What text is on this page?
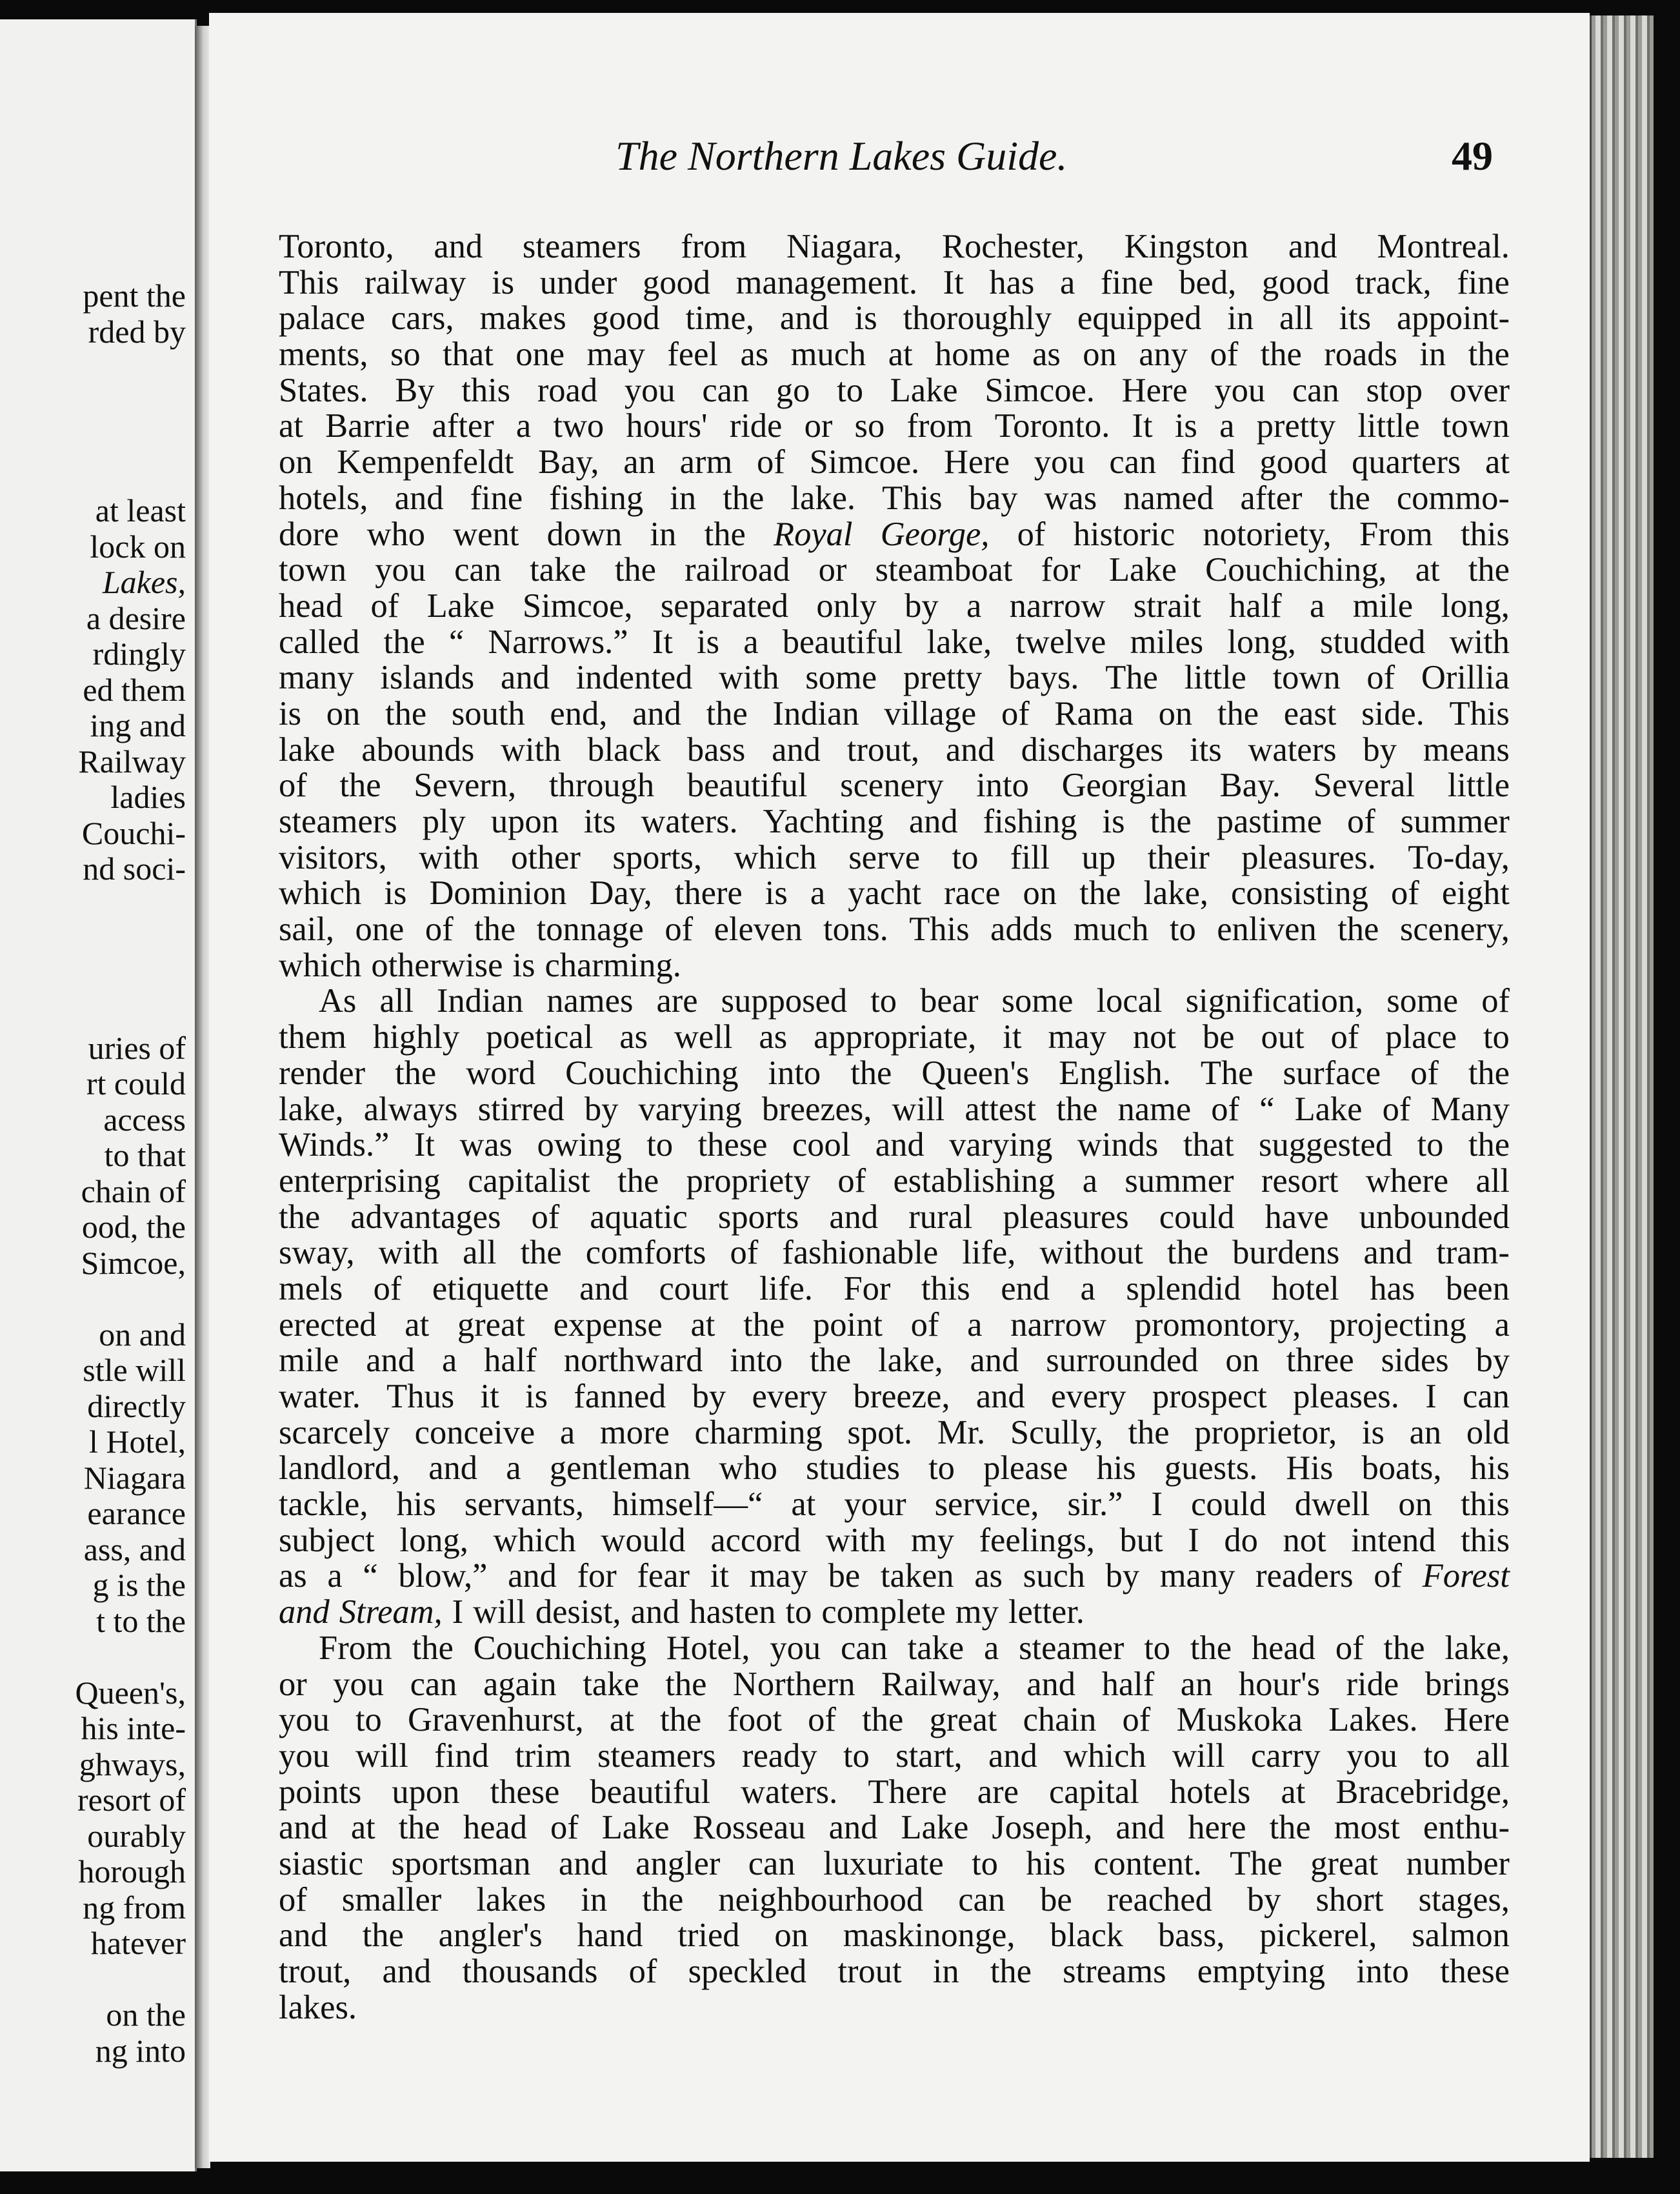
pent the
rded by
at least
lock on
Lakes,
a desire
rdingly
ed them
ing and
Railway
ladies
Couchi-
nd soci-
uries of
rt could
access
to that
chain of
ood, the
Simcoe,
on and
stle will
directly
l Hotel,
Niagara
earance
ass, and
g is the
t to the
Queen's,
his inte-
ghways,
resort of
ourably
horough
ng from
hatever
on the
ng into
The Northern Lakes Guide.	49
Toronto, and steamers from Niagara, Rochester, Kingston and Montreal.
This railway is under good management. It has a fine bed, good track, fine
palace cars, makes good time, and is thoroughly equipped in all its appoint-
ments, so that one may feel as much at home as on any of the roads in the
States. By this road you can go to Lake Simcoe. Here you can stop over
at Barrie after a two hours' ride or so from Toronto. It is a pretty little town
on Kempenfeldt Bay, an arm of Simcoe. Here you can find good quarters at
hotels, and fine fishing in the lake. This bay was named after the commo-
dore who went down in the Royal George, of historic notoriety, From this
town you can take the railroad or steamboat for Lake Couchiching, at the
head of Lake Simcoe, separated only by a narrow strait half a mile long,
called the “ Narrows.” It is a beautiful lake, twelve miles long, studded with
many islands and indented with some pretty bays. The little town of Orillia
is on the south end, and the Indian village of Rama on the east side. This
lake abounds with black bass and trout, and discharges its waters by means
of the Severn, through beautiful scenery into Georgian Bay. Several little
steamers ply upon its waters. Yachting and fishing is the pastime of summer
visitors, with other sports, which serve to fill up their pleasures. To-day,
which is Dominion Day, there is a yacht race on the lake, consisting of eight
sail, one of the tonnage of eleven tons. This adds much to enliven the scenery,
which otherwise is charming.
As all Indian names are supposed to bear some local signification, some of
them highly poetical as well as appropriate, it may not be out of place to
render the word Couchiching into the Queen's English. The surface of the
lake, always stirred by varying breezes, will attest the name of “ Lake of Many
Winds.” It was owing to these cool and varying winds that suggested to the
enterprising capitalist the propriety of establishing a summer resort where all
the advantages of aquatic sports and rural pleasures could have unbounded
sway, with all the comforts of fashionable life, without the burdens and tram-
mels of etiquette and court life. For this end a splendid hotel has been
erected at great expense at the point of a narrow promontory, projecting a
mile and a half northward into the lake, and surrounded on three sides by
water. Thus it is fanned by every breeze, and every prospect pleases. I can
scarcely conceive a more charming spot. Mr. Scully, the proprietor, is an old
landlord, and a gentleman who studies to please his guests. His boats, his
tackle, his servants, himself—“ at your service, sir.” I could dwell on this
subject long, which would accord with my feelings, but I do not intend this
as a “ blow,” and for fear it may be taken as such by many readers of Forest
and Stream, I will desist, and hasten to complete my letter.
From the Couchiching Hotel, you can take a steamer to the head of the lake,
or you can again take the Northern Railway, and half an hour's ride brings
you to Gravenhurst, at the foot of the great chain of Muskoka Lakes. Here
you will find trim steamers ready to start, and which will carry you to all
points upon these beautiful waters. There are capital hotels at Bracebridge,
and at the head of Lake Rosseau and Lake Joseph, and here the most enthu-
siastic sportsman and angler can luxuriate to his content. The great number
of smaller lakes in the neighbourhood can be reached by short stages,
and the angler's hand tried on maskinonge, black bass, pickerel, salmon
trout, and thousands of speckled trout in the streams emptying into these
lakes.
